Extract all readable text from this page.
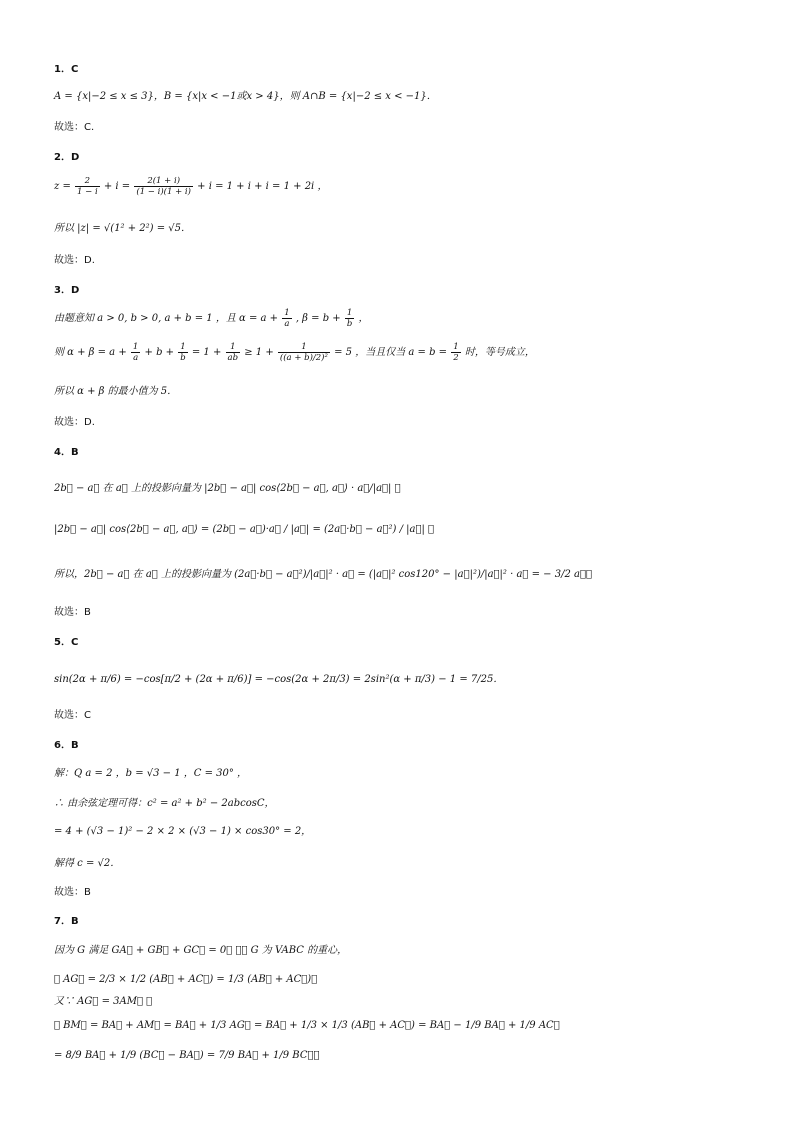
1．C
A = {x|−2 ≤ x ≤ 3}，B = {x|x < −1或x > 4}，则 A∩B = {x|−2 ≤ x < −1}．
故选：C.
2．D
$z = \frac{2}{1 - i} + i = \frac{2(1 + i)}{(1 - i)(1 + i)} + i = 1 + i + i = 1 + 2i$ ，
所以 |z| = √(1² + 2²) = √5．
故选：D.
3．D
由题意知 a > 0, b > 0, a + b = 1 ，且 $\alpha = a + \frac{1}{a}$ , $\beta = b + \frac{1}{b}$ ，
则 $\alpha + \beta = a + \frac{1}{a} + b + \frac{1}{b} = 1 + \frac{1}{ab} \ge 1 + \frac{1}{\text{((a + b)/2)²}} = 5$ ，当且仅当 $a = b = \frac{1}{2}$ 时，等号成立，
所以 α + β 的最小值为 5．
故选：D.
4．B
2b⃗ − a⃗ 在 a⃗ 上的投影向量为 |2b⃗ − a⃗| cos⟨2b⃗ − a⃗, a⃗⟩ · a⃗/|a⃗| ，
|2b⃗ − a⃗| cos⟨2b⃗ − a⃗, a⃗⟩ = (2b⃗ − a⃗)·a⃗ / |a⃗| = (2a⃗·b⃗ − a⃗²) / |a⃗| ，
所以，2b⃗ − a⃗ 在 a⃗ 上的投影向量为 (2a⃗·b⃗ − a⃗²)/|a⃗|² · a⃗ = (|a⃗|² cos120° − |a⃗|²)/|a⃗|² · a⃗ = − 3/2 a⃗．
故选：B
5．C
sin(2α + π/6) = −cos[π/2 + (2α + π/6)] = −cos(2α + 2π/3) = 2sin²(α + π/3) − 1 = 7/25．
故选：C
6．B
解：Q a = 2 ，b = √3 − 1 ，C = 30° ，
∴ 由余弦定理可得：c² = a² + b² − 2abcosC，
= 4 + (√3 − 1)² − 2 × 2 × (√3 − 1) × cos30° = 2，
解得 c = √2．
故选：B
7．B
因为 G 满足 GA⃗ + GB⃗ + GC⃗ = 0⃗ ，∴ G 为 VABC 的重心，
∴ AG⃗ = 2/3 × 1/2 (AB⃗ + AC⃗) = 1/3 (AB⃗ + AC⃗)，
又∵ AG⃗ = 3AM⃗ ，
∴ BM⃗ = BA⃗ + AM⃗ = BA⃗ + 1/3 AG⃗ = BA⃗ + 1/3 × 1/3 (AB⃗ + AC⃗) = BA⃗ − 1/9 BA⃗ + 1/9 AC⃗
= 8/9 BA⃗ + 1/9 (BC⃗ − BA⃗) = 7/9 BA⃗ + 1/9 BC⃗．
